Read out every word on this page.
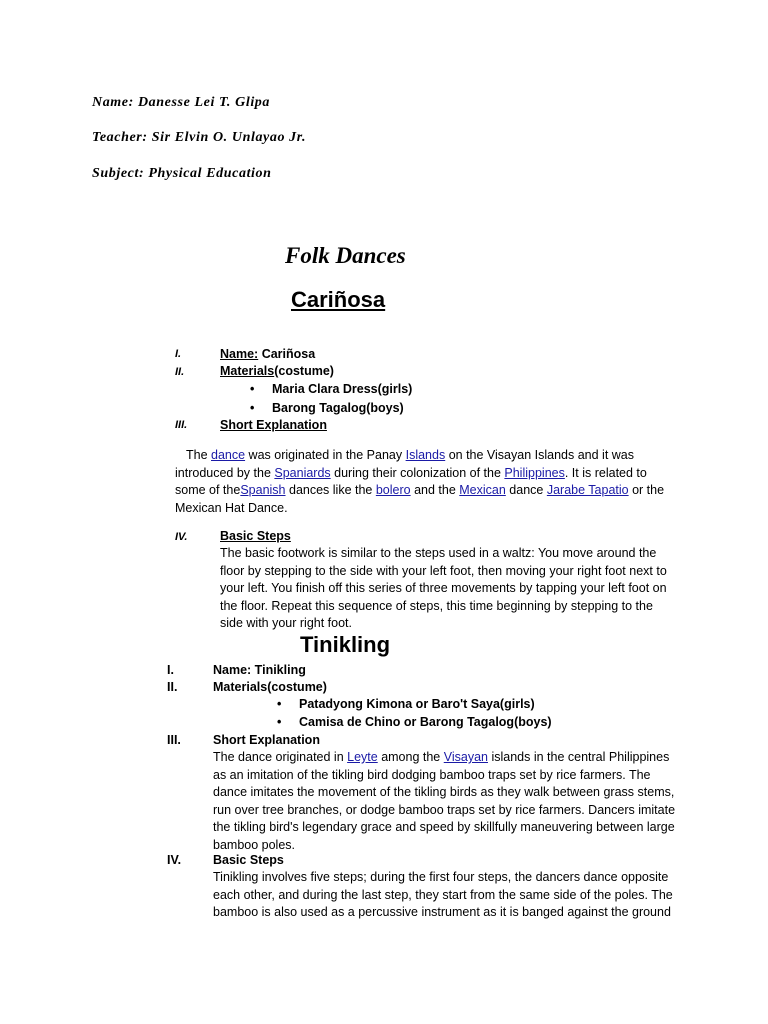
Name: Danesse Lei T. Glipa
Teacher: Sir Elvin O. Unlayao Jr.
Subject: Physical Education
Folk Dances
Cariñosa
I.	Name: Cariñosa
II.	Materials(costume)
• Maria Clara Dress(girls)
• Barong Tagalog(boys)
III.	Short Explanation
The dance was originated in the Panay Islands on the Visayan Islands and it was
introduced by the Spaniards during their colonization of the Philippines. It is related to
some of theSpanish dances like the bolero and the Mexican dance Jarabe Tapatio or the
Mexican Hat Dance.
IV.	Basic Steps
The basic footwork is similar to the steps used in a waltz: You move around the
floor by stepping to the side with your left foot, then moving your right foot next to
your left. You finish off this series of three movements by tapping your left foot on
the floor. Repeat this sequence of steps, this time beginning by stepping to the
side with your right foot.
Tinikling
I.	Name: Tinikling
II.	Materials(costume)
• Patadyong Kimona or Baro't Saya(girls)
• Camisa de Chino or Barong Tagalog(boys)
III.	Short Explanation
The dance originated in Leyte among the Visayan islands in the central Philippines
as an imitation of the tikling bird dodging bamboo traps set by rice farmers. The
dance imitates the movement of the tikling birds as they walk between grass stems,
run over tree branches, or dodge bamboo traps set by rice farmers. Dancers imitate
the tikling bird's legendary grace and speed by skillfully maneuvering between large
bamboo poles.
IV.	Basic Steps
Tinikling involves five steps; during the first four steps, the dancers dance opposite
each other, and during the last step, they start from the same side of the poles. The
bamboo is also used as a percussive instrument as it is banged against the ground
